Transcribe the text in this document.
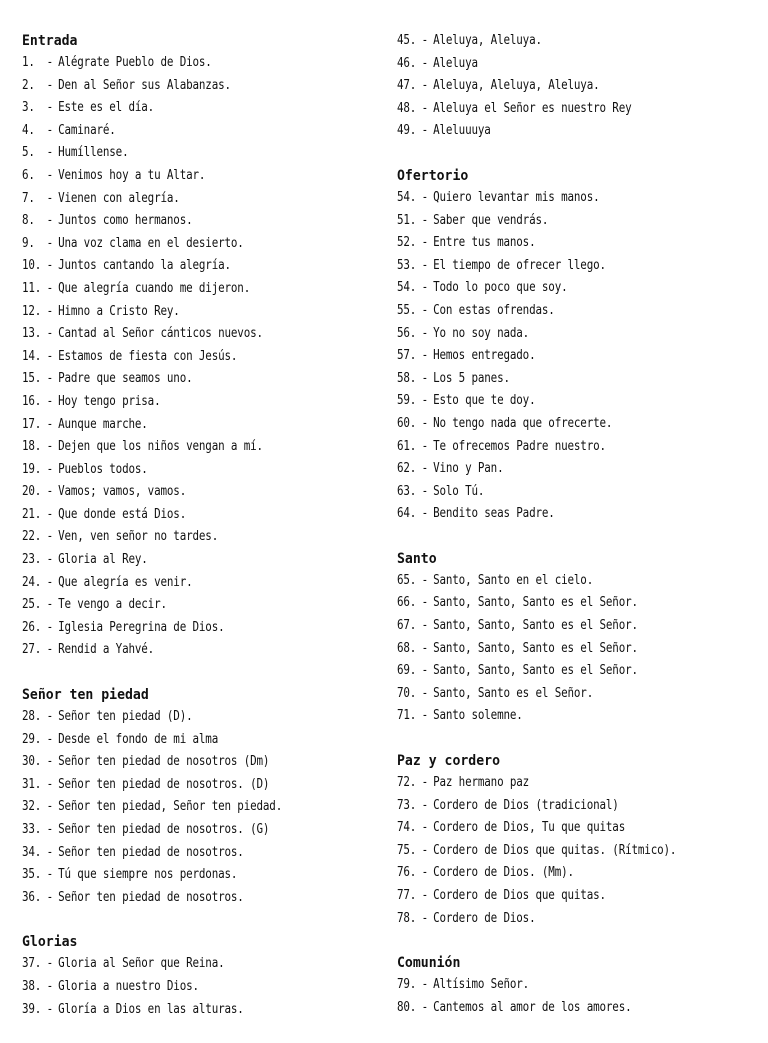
Entrada
1. - Alégrate Pueblo de Dios.
2. - Den al Señor sus Alabanzas.
3. - Este es el día.
4. - Caminaré.
5. - Humíllense.
6. - Venimos hoy a tu Altar.
7. - Vienen con alegría.
8. - Juntos como hermanos.
9. - Una voz clama en el desierto.
10. - Juntos cantando la alegría.
11. - Que alegría cuando me dijeron.
12. - Himno a Cristo Rey.
13. - Cantad al Señor cánticos nuevos.
14. - Estamos de fiesta con Jesús.
15. - Padre que seamos uno.
16. - Hoy tengo prisa.
17. - Aunque marche.
18. - Dejen que los niños vengan a mí.
19. - Pueblos todos.
20. - Vamos; vamos, vamos.
21. - Que donde está Dios.
22. - Ven, ven señor no tardes.
23. - Gloria al Rey.
24. - Que alegría es venir.
25. - Te vengo a decir.
26. - Iglesia Peregrina de Dios.
27. - Rendid a Yahvé.
Señor ten piedad
28. - Señor ten piedad (D).
29. - Desde el fondo de mi alma
30. - Señor ten piedad de nosotros (Dm)
31. - Señor ten piedad de nosotros. (D)
32. - Señor ten piedad, Señor ten piedad.
33. - Señor ten piedad de nosotros. (G)
34. - Señor ten piedad de nosotros.
35. - Tú que siempre nos perdonas.
36. - Señor ten piedad de nosotros.
Glorias
37. - Gloria al Señor que Reina.
38. - Gloria a nuestro Dios.
39. - Gloría a Dios en las alturas.
45. - Aleluya, Aleluya.
46. - Aleluya
47. - Aleluya, Aleluya, Aleluya.
48. - Aleluya el Señor es nuestro Rey
49. - Aleluuuya
Ofertorio
54. - Quiero levantar mis manos.
51. - Saber que vendrás.
52. - Entre tus manos.
53. - El tiempo de ofrecer llego.
54. - Todo lo poco que soy.
55. - Con estas ofrendas.
56. - Yo no soy nada.
57. - Hemos entregado.
58. - Los 5 panes.
59. - Esto que te doy.
60. - No tengo nada que ofrecerte.
61. - Te ofrecemos Padre nuestro.
62. - Vino y Pan.
63. - Solo Tú.
64. - Bendito seas Padre.
Santo
65. - Santo, Santo en el cielo.
66. - Santo, Santo, Santo es el Señor.
67. - Santo, Santo, Santo es el Señor.
68. - Santo, Santo, Santo es el Señor.
69. - Santo, Santo, Santo es el Señor.
70. - Santo, Santo es el Señor.
71. - Santo solemne.
Paz y cordero
72. - Paz hermano paz
73. - Cordero de Dios (tradicional)
74. - Cordero de Dios, Tu que quitas
75. - Cordero de Dios que quitas. (Rítmico).
76. - Cordero de Dios. (Mm).
77. - Cordero de Dios que quitas.
78. - Cordero de Dios.
Comunión
79. - Altísimo Señor.
80. - Cantemos al amor de los amores.
